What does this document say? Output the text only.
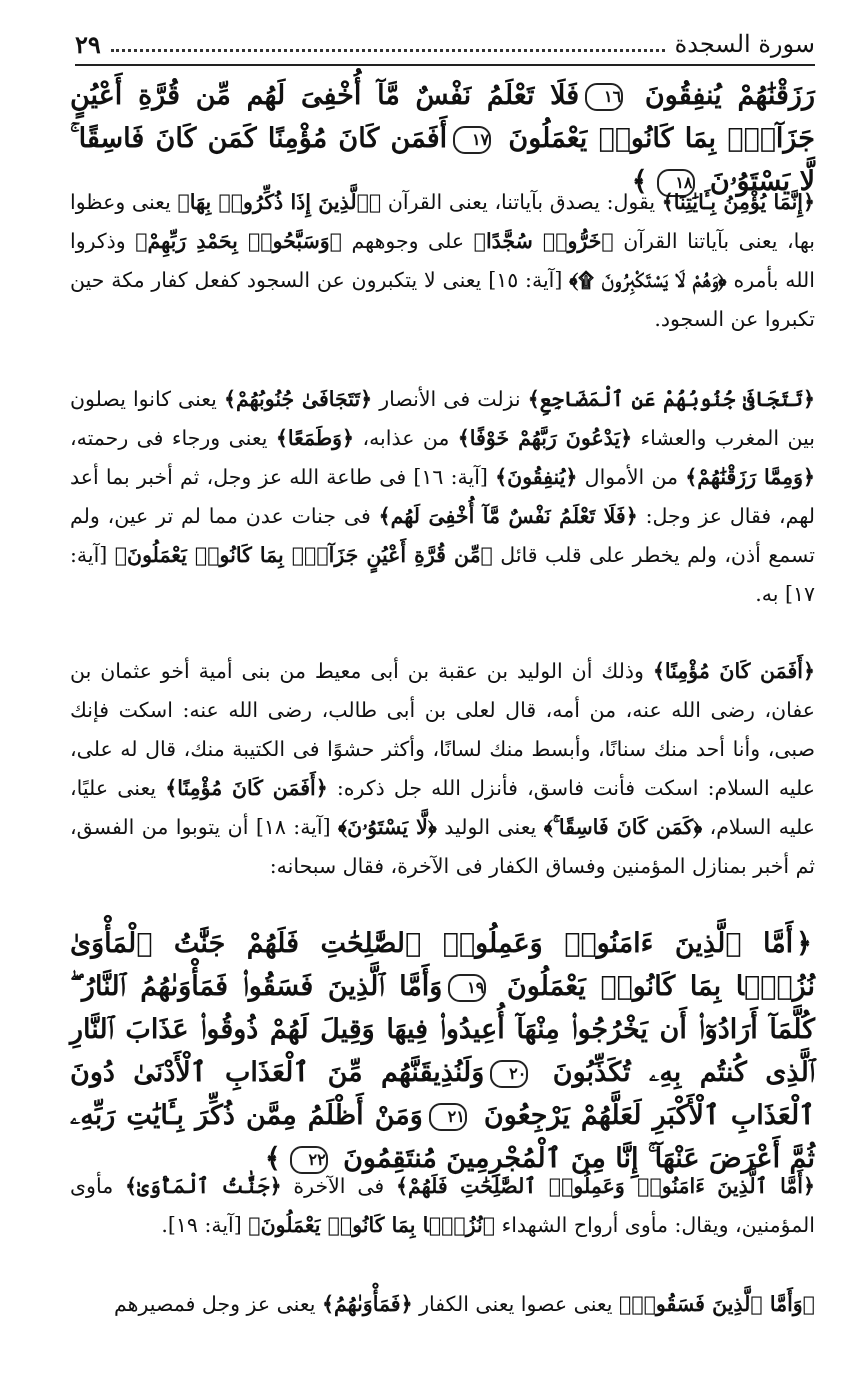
سورة السجدة
٢٩
رَزَقْنَٰهُمْ يُنفِقُونَ ١٦فَلَا تَعْلَمُ نَفْسٌ مَّآ أُخْفِىَ لَهُم مِّن قُرَّةِ أَعْيُنٍ جَزَآءًۢ بِمَا كَانُوا۟ يَعْمَلُونَ ١٧أَفَمَن كَانَ مُؤْمِنًا كَمَن كَانَ فَاسِقًا ۚ لَّا يَسْتَوُۥنَ ١٨﴾
﴿إِنَّمَا يُؤْمِنُ بِـَٔايَٰتِنَا﴾ يقول: يصدق بآياتنا، يعنى القرآن ﴿ٱلَّذِينَ إِذَا ذُكِّرُوا۟ بِهَا﴾ يعنى وعظوا بها، يعنى بآياتنا القرآن ﴿خَرُّوا۟ سُجَّدًا﴾ على وجوههم ﴿وَسَبَّحُوا۟ بِحَمْدِ رَبِّهِمْ﴾ وذكروا الله بأمره ﴿وَهُمْ لَا يَسْتَكْبِرُونَ ۩﴾ [آية: ١٥] يعنى لا يتكبرون عن السجود كفعل كفار مكة حين تكبروا عن السجود.
﴿تَتَجَافَىٰ جُنُوبُهُمْ عَنِ ٱلْمَضَاجِعِ﴾ نزلت فى الأنصار ﴿تَتَجَافَىٰ جُنُوبُهُمْ﴾ يعنى كانوا يصلون بين المغرب والعشاء ﴿يَدْعُونَ رَبَّهُمْ خَوْفًا﴾ من عذابه، ﴿وَطَمَعًا﴾ يعنى ورجاء فى رحمته، ﴿وَمِمَّا رَزَقْنَٰهُمْ﴾ من الأموال ﴿يُنفِقُونَ﴾ [آية: ١٦] فى طاعة الله عز وجل، ثم أخبر بما أعد لهم، فقال عز وجل: ﴿فَلَا تَعْلَمُ نَفْسٌ مَّآ أُخْفِىَ لَهُم﴾ فى جنات عدن مما لم تر عين، ولم تسمع أذن، ولم يخطر على قلب قائل ﴿مِّن قُرَّةِ أَعْيُنٍ جَزَآءًۢ بِمَا كَانُوا۟ يَعْمَلُونَ﴾ [آية: ١٧] به.
﴿أَفَمَن كَانَ مُؤْمِنًا﴾ وذلك أن الوليد بن عقبة بن أبى معيط من بنى أمية أخو عثمان بن عفان، رضى الله عنه، من أمه، قال لعلى بن أبى طالب، رضى الله عنه: اسكت فإنك صبى، وأنا أحد منك سنانًا، وأبسط منك لسانًا، وأكثر حشوًا فى الكتيبة منك، قال له على، عليه السلام: اسكت فأنت فاسق، فأنزل الله جل ذكره: ﴿أَفَمَن كَانَ مُؤْمِنًا﴾ يعنى عليًا، عليه السلام، ﴿كَمَن كَانَ فَاسِقًا ۚ﴾ يعنى الوليد ﴿لَّا يَسْتَوُۥنَ﴾ [آية: ١٨] أن يتوبوا من الفسق، ثم أخبر بمنازل المؤمنين وفساق الكفار فى الآخرة، فقال سبحانه:
﴿أَمَّا ٱلَّذِينَ ءَامَنُوا۟ وَعَمِلُوا۟ ٱلصَّٰلِحَٰتِ فَلَهُمْ جَنَّٰتُ ٱلْمَأْوَىٰ نُزُلًۢا بِمَا كَانُوا۟ يَعْمَلُونَ ١٩وَأَمَّا ٱلَّذِينَ فَسَقُوا۟ فَمَأْوَىٰهُمُ ٱلنَّارُ ۖ كُلَّمَآ أَرَادُوٓا۟ أَن يَخْرُجُوا۟ مِنْهَآ أُعِيدُوا۟ فِيهَا وَقِيلَ لَهُمْ ذُوقُوا۟ عَذَابَ ٱلنَّارِ ٱلَّذِى كُنتُم بِهِۦ تُكَذِّبُونَ ٢٠وَلَنُذِيقَنَّهُم مِّنَ ٱلْعَذَابِ ٱلْأَدْنَىٰ دُونَ ٱلْعَذَابِ ٱلْأَكْبَرِ لَعَلَّهُمْ يَرْجِعُونَ ٢١وَمَنْ أَظْلَمُ مِمَّن ذُكِّرَ بِـَٔايَٰتِ رَبِّهِۦ ثُمَّ أَعْرَضَ عَنْهَآ ۚ إِنَّا مِنَ ٱلْمُجْرِمِينَ مُنتَقِمُونَ ٢٢﴾
﴿أَمَّا ٱلَّذِينَ ءَامَنُوا۟ وَعَمِلُوا۟ ٱلصَّٰلِحَٰتِ فَلَهُمْ﴾ فى الآخرة ﴿جَنَّٰتُ ٱلْمَأْوَىٰ﴾ مأوى المؤمنين، ويقال: مأوى أرواح الشهداء ﴿نُزُلًۢا بِمَا كَانُوا۟ يَعْمَلُونَ﴾ [آية: ١٩].
﴿وَأَمَّا ٱلَّذِينَ فَسَقُوا۟﴾ يعنى عصوا يعنى الكفار ﴿فَمَأْوَىٰهُمُ﴾ يعنى عز وجل فمصيرهم
